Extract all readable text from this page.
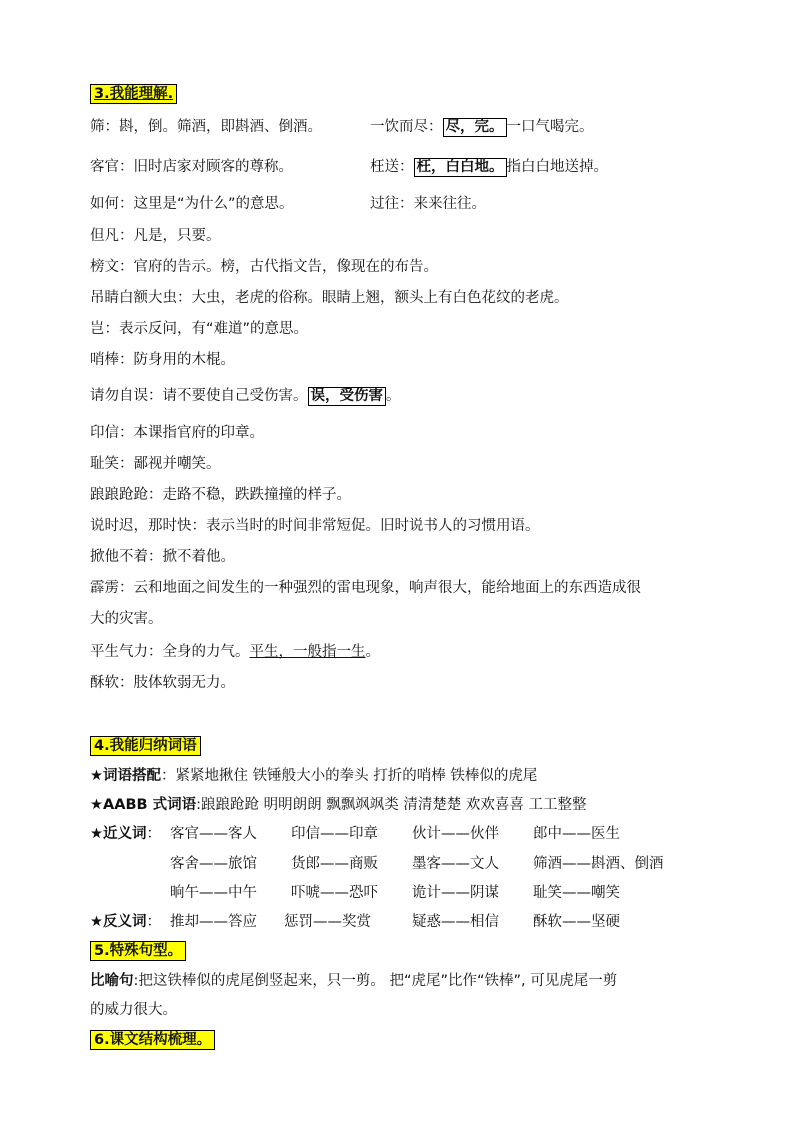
3.我能理解.
筛：斟，倒。筛酒，即斟酒、倒酒。	一饮而尽： 尽，完。 一口气喝完。
客官：旧时店家对顾客的尊称。	枉送： 枉，白白地。 指白白地送掉。
如何：这里是“为什么”的意思。	过往：来来往往。
但凡：凡是，只要。
榜文：官府的告示。榜，古代指文告，像现在的布告。
吊睛白额大虫：大虫，老虎的俗称。眼睛上翘，额头上有白色花纹的老虎。
岂：表示反问，有“难道”的意思。
哨棒：防身用的木棍。
请勿自误：请不要使自己受伤害。 误，受伤害 。
印信：本课指官府的印章。
耻笑：鄙视并嘲笑。
踉踉跄跄：走路不稳，跌跌撞撞的样子。
说时迟，那时快：表示当时的时间非常短促。旧时说书人的习惯用语。
掀他不着：掀不着他。
霹雳：云和地面之间发生的一种强烈的雷电现象，响声很大，能给地面上的东西造成很
大的灾害。
平生气力：全身的力气。平生，一般指一生。
酥软：肢体软弱无力。
4.我能归纳词语
★词语搭配：紧紧地揪住 铁锤般大小的拳头 打折的哨棒 铁棒似的虎尾
★AABB 式词语:踉踉跄跄 明明朗朗 飘飘飒飒类 清清楚楚 欢欢喜喜 工工整整
★近义词： 客官——客人 印信——印章 伙计——伙伴 郎中——医生
客舍——旅馆 货郎——商贩 墨客——文人 筛酒——斟酒、倒酒
晌午——中午 吓唬——恐吓 诡计——阴谋 耻笑——嘲笑
★反义词： 推却——答应 惩罚——奖赏	疑惑——相信 酥软——坚硬
5.特殊句型。
比喻句:把这铁棒似的虎尾倒竖起来，只一剪。 把“虎尾”比作“铁棒”, 可见虎尾一剪
的威力很大。
6.课文结构梳理。
